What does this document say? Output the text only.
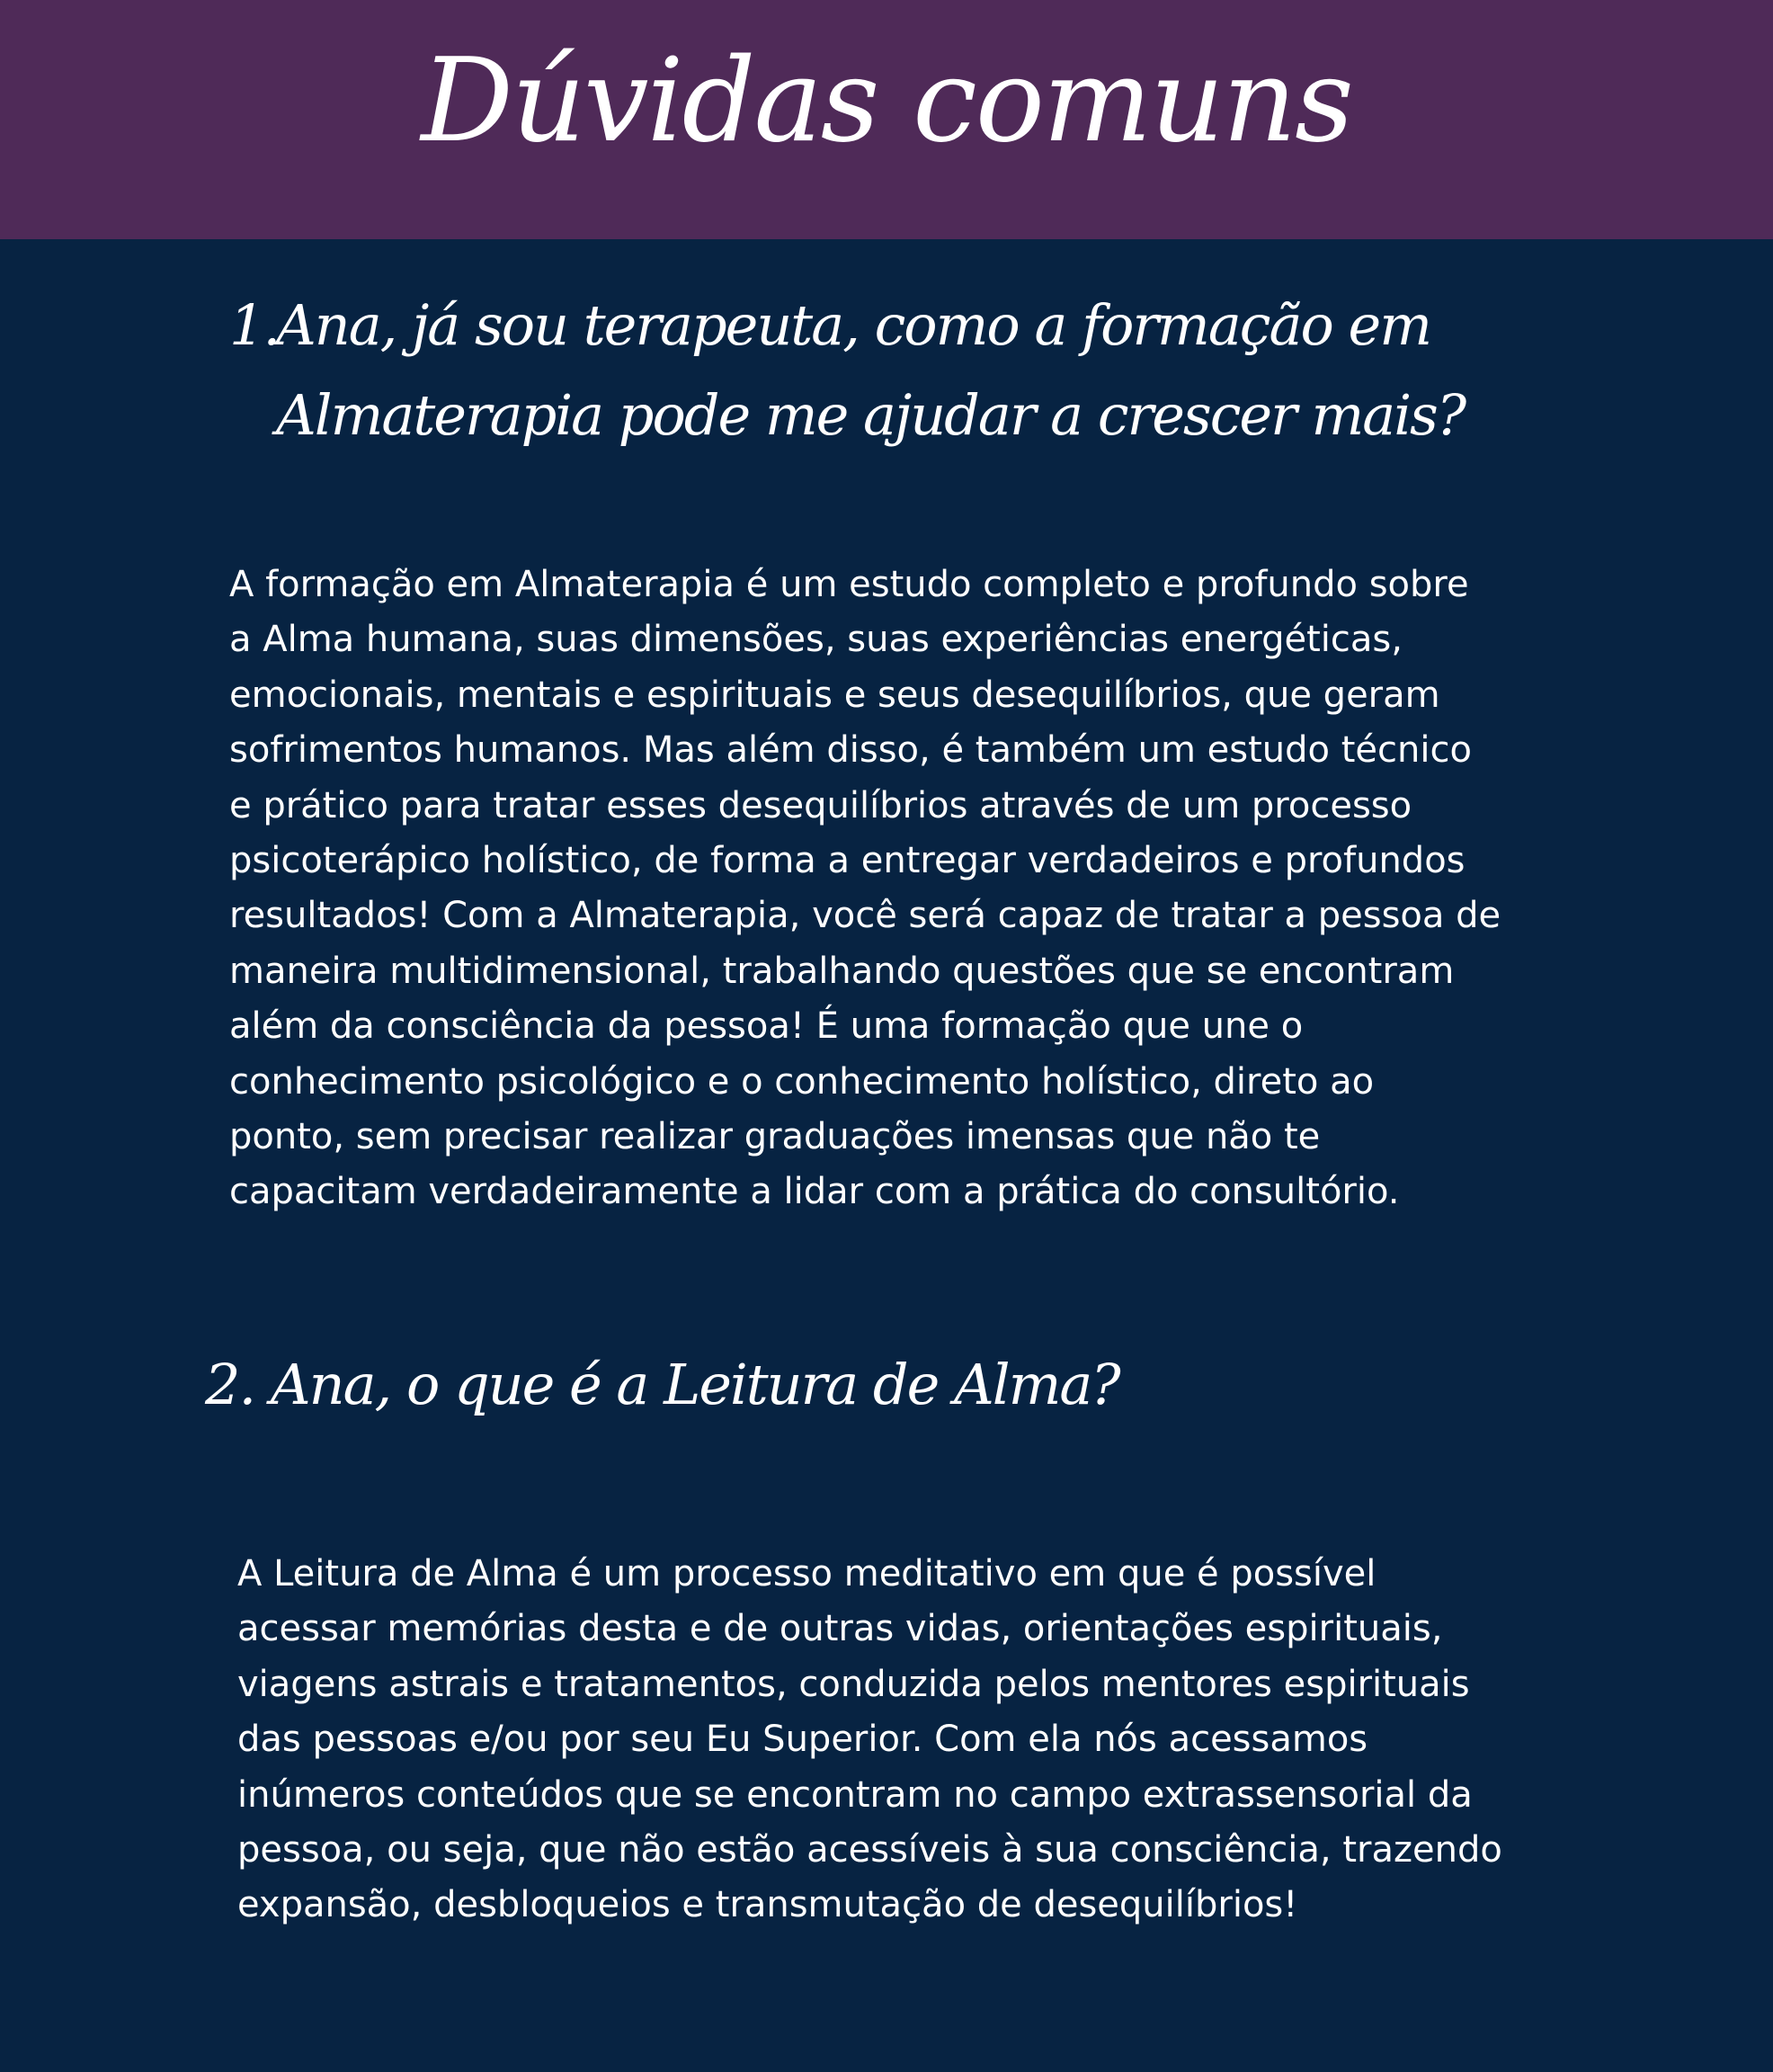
Dúvidas comuns
1.Ana, já sou terapeuta, como a formação em
Almaterapia pode me ajudar a crescer mais?
A formação em Almaterapia é um estudo completo e profundo sobre
a Alma humana, suas dimensões, suas experiências energéticas,
emocionais, mentais e espirituais e seus desequilíbrios, que geram
sofrimentos humanos. Mas além disso, é também um estudo técnico
e prático para tratar esses desequilíbrios através de um processo
psicoterápico holístico, de forma a entregar verdadeiros e profundos
resultados! Com a Almaterapia, você será capaz de tratar a pessoa de
maneira multidimensional, trabalhando questões que se encontram
além da consciência da pessoa! É uma formação que une o
conhecimento psicológico e o conhecimento holístico, direto ao
ponto, sem precisar realizar graduações imensas que não te
capacitam verdadeiramente a lidar com a prática do consultório.
2. Ana, o que é a Leitura de Alma?
A Leitura de Alma é um processo meditativo em que é possível
acessar memórias desta e de outras vidas, orientações espirituais,
viagens astrais e tratamentos, conduzida pelos mentores espirituais
das pessoas e/ou por seu Eu Superior. Com ela nós acessamos
inúmeros conteúdos que se encontram no campo extrassensorial da
pessoa, ou seja, que não estão acessíveis à sua consciência, trazendo
expansão, desbloqueios e transmutação de desequilíbrios!
